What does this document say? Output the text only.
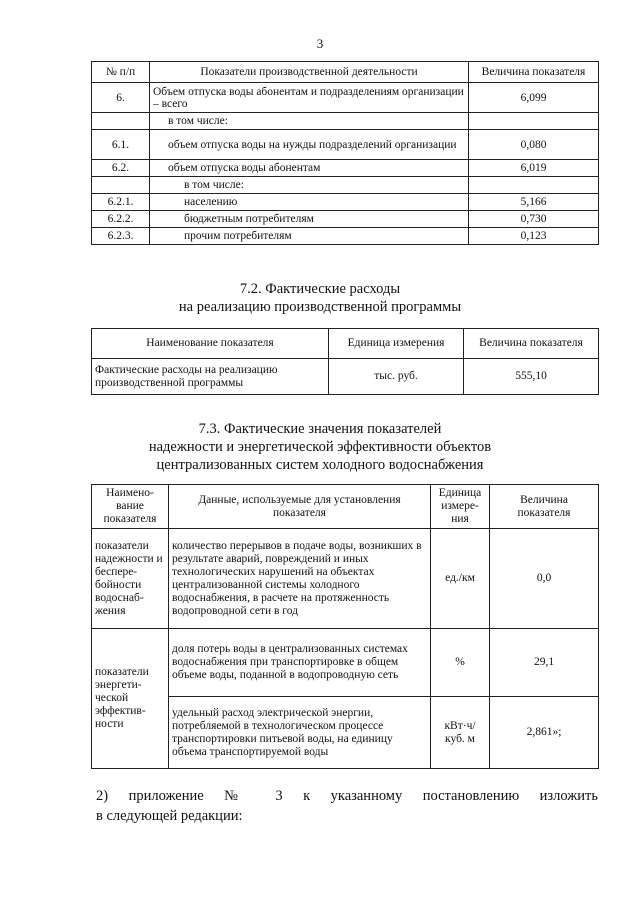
3
№ п/п	Показатели производственной деятельности	Величина показателя
6.	Объем отпуска воды абонентам и подразделениям организации – всего	6,099
	в том числе:	
6.1.	объем отпуска воды на нужды подразделений организации	0,080
6.2.	объем отпуска воды абонентам	6,019
	в том числе:	
6.2.1.	населению	5,166
6.2.2.	бюджетным потребителям	0,730
6.2.3.	прочим потребителям	0,123
7.2. Фактические расходы
на реализацию производственной программы
Наименование показателя	Единица измерения	Величина показателя
Фактические расходы на реализацию производственной программы	тыс. руб.	555,10
7.3. Фактические значения показателей
надежности и энергетической эффективности объектов
централизованных систем холодного водоснабжения
Наимено-вание показателя	Данные, используемые для установления показателя	Единица измере-ния	Величина показателя
показатели надежности и беспере-бойности водоснаб-жения	количество перерывов в подаче воды, возникших в результате аварий, повреждений и иных технологических нарушений на объектах централизованной системы холодного водоснабжения, в расчете на протяженность водопроводной сети в год	ед./км	0,0
показатели энергети-ческой эффектив-ности	доля потерь воды в централизованных системах водоснабжения при транспортировке в общем объеме воды, поданной в водопроводную сеть	%	29,1
	удельный расход электрической энергии, потребляемой в технологическом процессе транспортировки питьевой воды, на единицу объема транспортируемой воды	кВт·ч/ куб. м	2,861»;
2) приложение № 3 к указанному постановлению изложить
в следующей редакции:
